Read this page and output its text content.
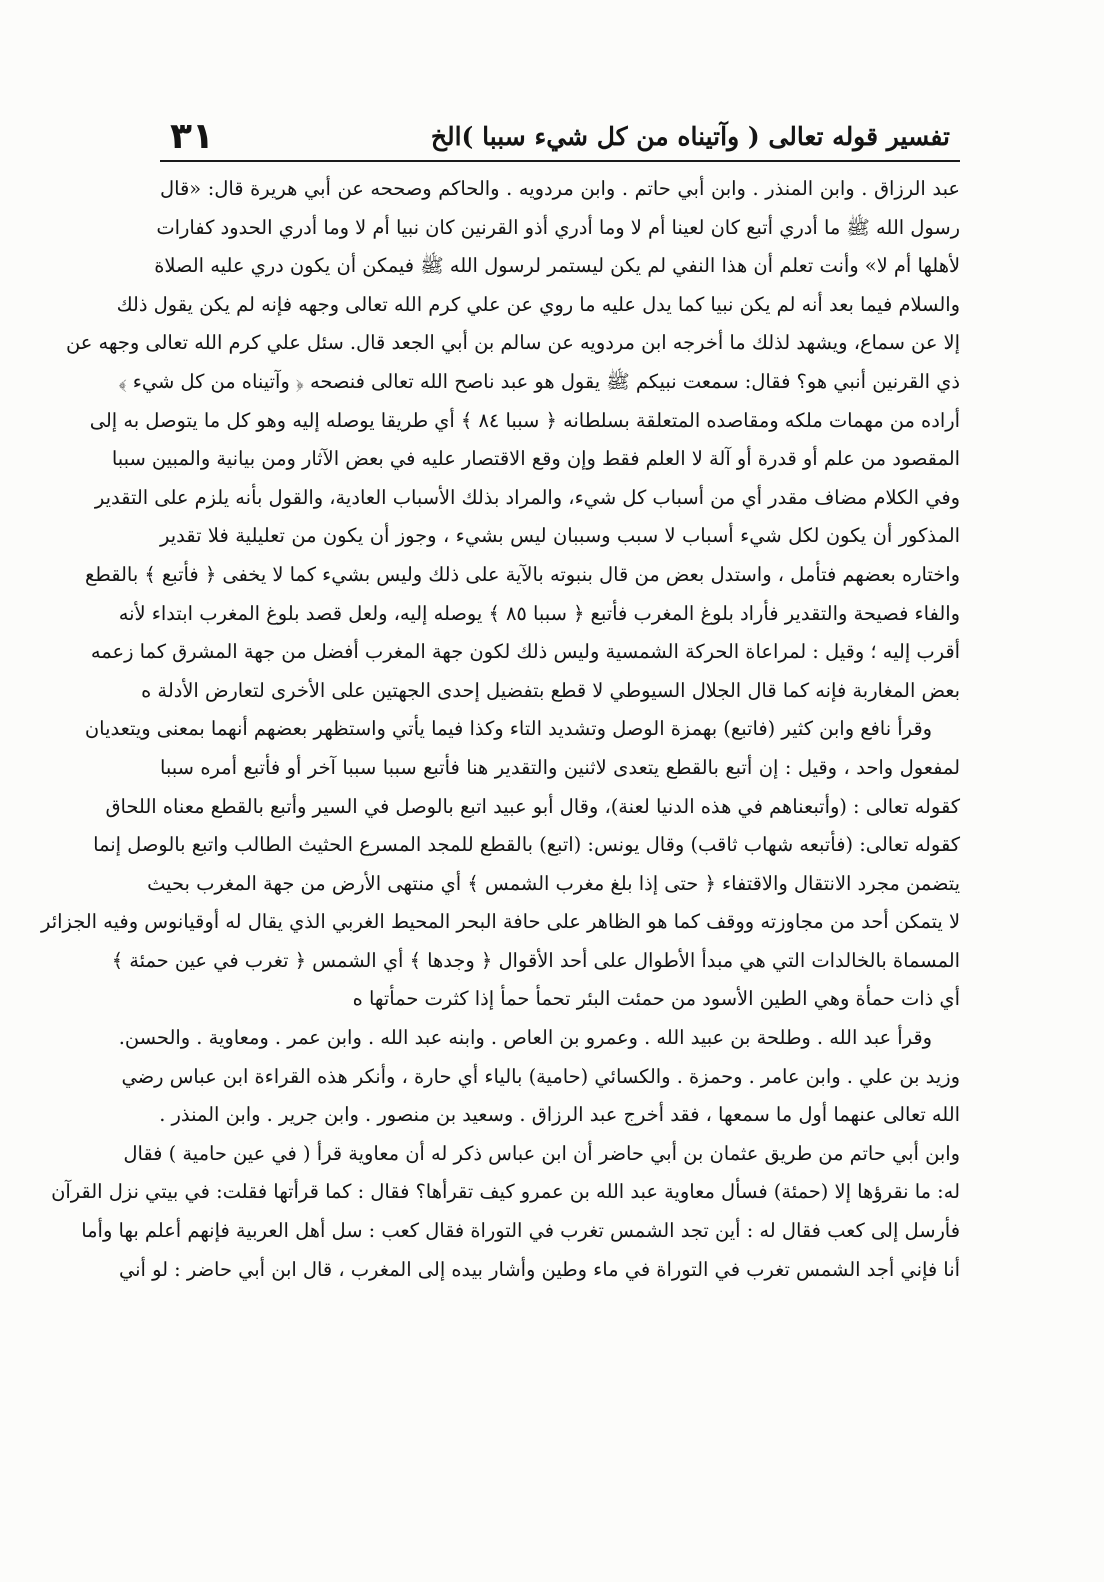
تفسير قوله تعالى ( وآتيناه من كل شيء سببا )الخ
٣١
عبد الرزاق . وابن المنذر . وابن أبي حاتم . وابن مردويه . والحاكم وصححه عن أبي هريرة قال: «قال
رسول الله ﷺ ما أدري أتبع كان لعينا أم لا وما أدري أذو القرنين كان نبيا أم لا وما أدري الحدود كفارات
لأهلها أم لا» وأنت تعلم أن هذا النفي لم يكن ليستمر لرسول الله ﷺ فيمكن أن يكون دري عليه الصلاة
والسلام فيما بعد أنه لم يكن نبيا كما يدل عليه ما روي عن علي كرم الله تعالى وجهه فإنه لم يكن يقول ذلك
إلا عن سماع، ويشهد لذلك ما أخرجه ابن مردويه عن سالم بن أبي الجعد قال. سئل علي كرم الله تعالى وجهه عن
ذي القرنين أنبي هو؟ فقال: سمعت نبيكم ﷺ يقول هو عبد ناصح الله تعالى فنصحه ﴿ وآتيناه من كل شيء ﴾
أراده من مهمات ملكه ومقاصده المتعلقة بسلطانه ﴿ سببا ٨٤ ﴾ أي طريقا يوصله إليه وهو كل ما يتوصل به إلى
المقصود من علم أو قدرة أو آلة لا العلم فقط وإن وقع الاقتصار عليه في بعض الآثار ومن بيانية والمبين سببا
وفي الكلام مضاف مقدر أي من أسباب كل شيء، والمراد بذلك الأسباب العادية، والقول بأنه يلزم على التقدير
المذكور أن يكون لكل شيء أسباب لا سبب وسببان ليس بشيء ، وجوز أن يكون من تعليلية فلا تقدير
واختاره بعضهم فتأمل ، واستدل بعض من قال بنبوته بالآية على ذلك وليس بشيء كما لا يخفى ﴿ فأتبع ﴾ بالقطع
والفاء فصيحة والتقدير فأراد بلوغ المغرب فأتبع ﴿ سببا ٨٥ ﴾ يوصله إليه، ولعل قصد بلوغ المغرب ابتداء لأنه
أقرب إليه ؛ وقيل : لمراعاة الحركة الشمسية وليس ذلك لكون جهة المغرب أفضل من جهة المشرق كما زعمه
بعض المغاربة فإنه كما قال الجلال السيوطي لا قطع بتفضيل إحدى الجهتين على الأخرى لتعارض الأدلة ه
وقرأ نافع وابن كثير (فاتبع) بهمزة الوصل وتشديد التاء وكذا فيما يأتي واستظهر بعضهم أنهما بمعنى ويتعديان
لمفعول واحد ، وقيل : إن أتبع بالقطع يتعدى لاثنين والتقدير هنا فأتبع سببا سببا آخر أو فأتبع أمره سببا
كقوله تعالى : (وأتبعناهم في هذه الدنيا لعنة)، وقال أبو عبيد اتبع بالوصل في السير وأتبع بالقطع معناه اللحاق
كقوله تعالى: (فأتبعه شهاب ثاقب) وقال يونس: (اتبع) بالقطع للمجد المسرع الحثيث الطالب واتبع بالوصل إنما
يتضمن مجرد الانتقال والاقتفاء ﴿ حتى إذا بلغ مغرب الشمس ﴾ أي منتهى الأرض من جهة المغرب بحيث
لا يتمكن أحد من مجاوزته ووقف كما هو الظاهر على حافة البحر المحيط الغربي الذي يقال له أوقيانوس وفيه الجزائر
المسماة بالخالدات التي هي مبدأ الأطوال على أحد الأقوال ﴿ وجدها ﴾ أي الشمس ﴿ تغرب في عين حمئة ﴾
أي ذات حمأة وهي الطين الأسود من حمئت البئر تحمأ حمأ إذا كثرت حمأتها ه
وقرأ عبد الله . وطلحة بن عبيد الله . وعمرو بن العاص . وابنه عبد الله . وابن عمر . ومعاوية . والحسن.
وزيد بن علي . وابن عامر . وحمزة . والكسائي (حامية) بالياء أي حارة ، وأنكر هذه القراءة ابن عباس رضي
الله تعالى عنهما أول ما سمعها ، فقد أخرج عبد الرزاق . وسعيد بن منصور . وابن جرير . وابن المنذر .
وابن أبي حاتم من طريق عثمان بن أبي حاضر أن ابن عباس ذكر له أن معاوية قرأ ( في عين حامية ) فقال
له: ما نقرؤها إلا (حمئة) فسأل معاوية عبد الله بن عمرو كيف تقرأها؟ فقال : كما قرأتها فقلت: في بيتي نزل القرآن
فأرسل إلى كعب فقال له : أين تجد الشمس تغرب في التوراة فقال كعب : سل أهل العربية فإنهم أعلم بها وأما
أنا فإني أجد الشمس تغرب في التوراة في ماء وطين وأشار بيده إلى المغرب ، قال ابن أبي حاضر : لو أني
